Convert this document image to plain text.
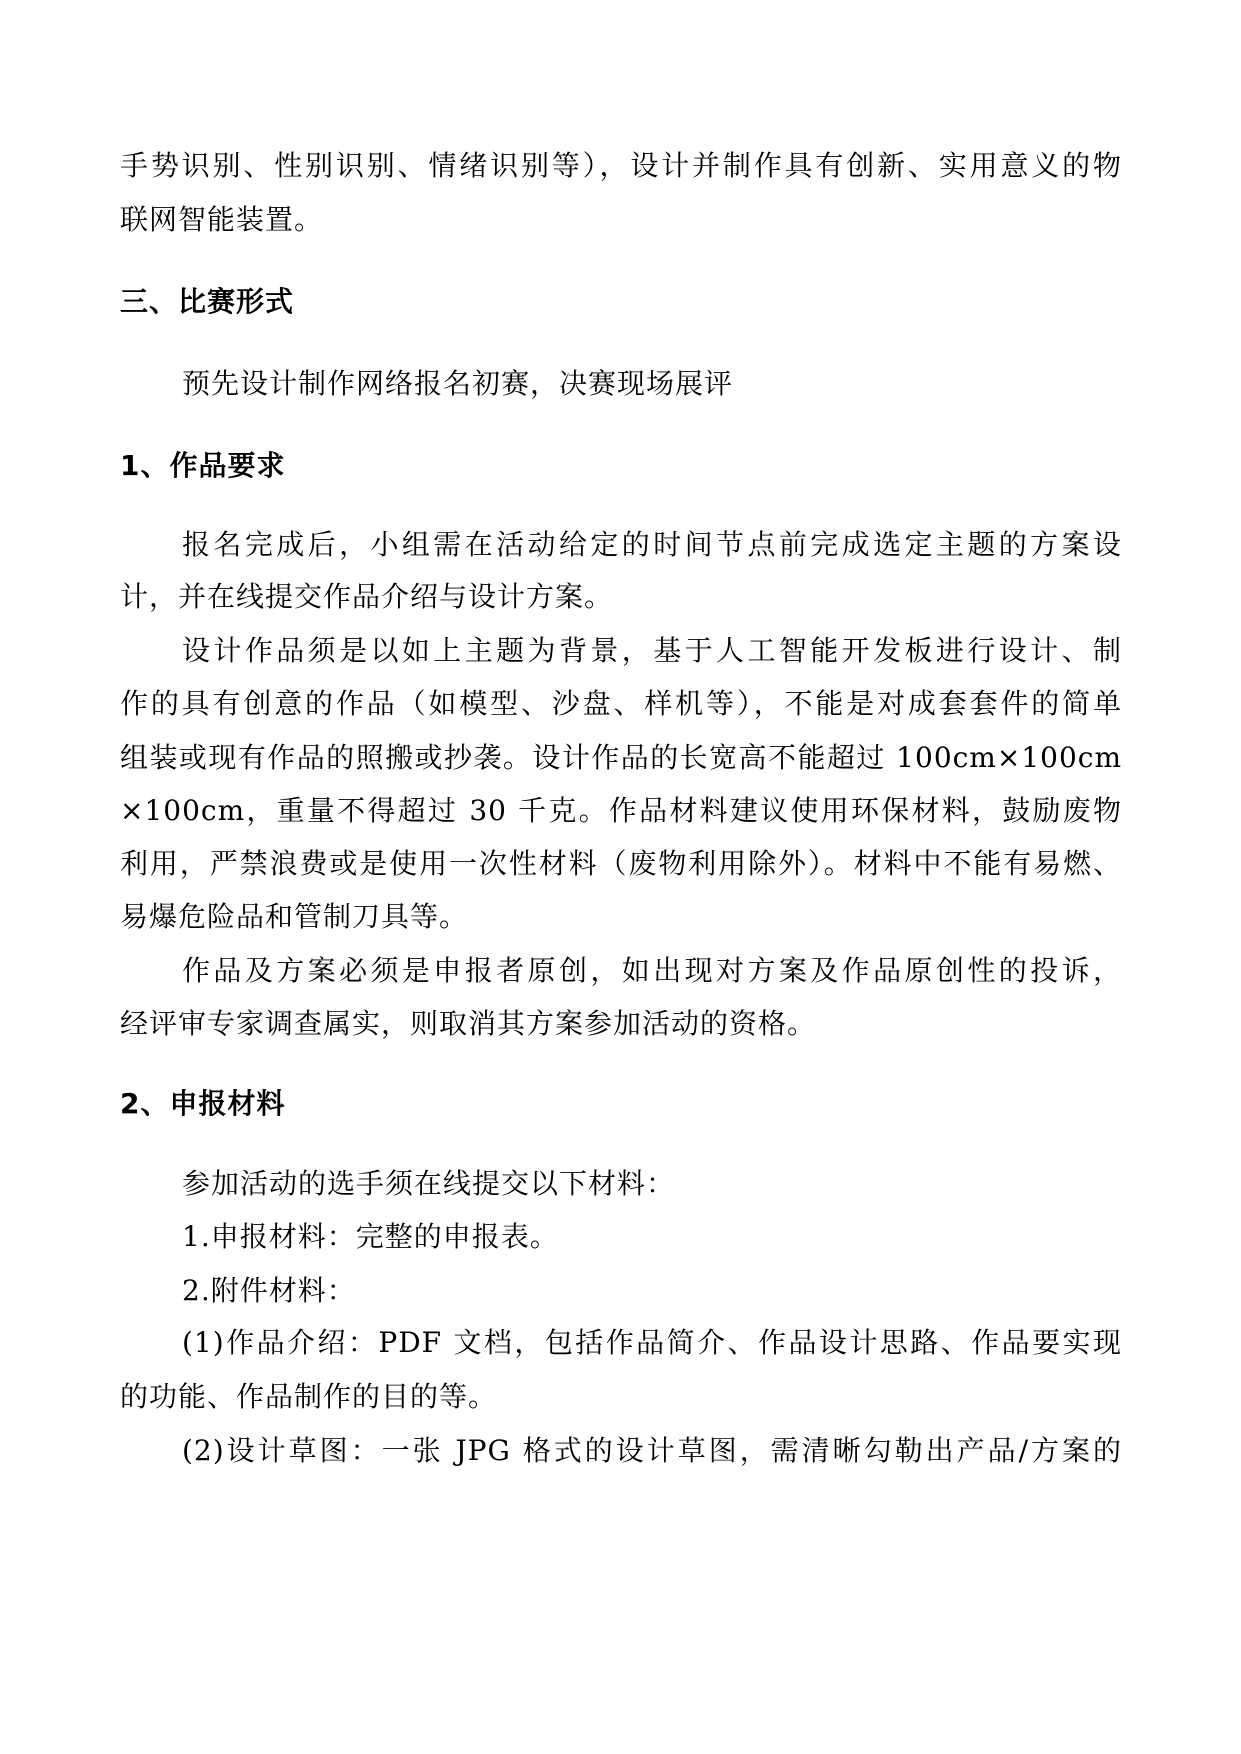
手势识别、性别识别、情绪识别等），设计并制作具有创新、实用意义的物
联网智能装置。
三、比赛形式
预先设计制作网络报名初赛，决赛现场展评
1、作品要求
报名完成后，小组需在活动给定的时间节点前完成选定主题的方案设
计，并在线提交作品介绍与设计方案。
设计作品须是以如上主题为背景，基于人工智能开发板进行设计、制
作的具有创意的作品（如模型、沙盘、样机等），不能是对成套套件的简单
组装或现有作品的照搬或抄袭。设计作品的长宽高不能超过 100cm×100cm
×100cm，重量不得超过 30 千克。作品材料建议使用环保材料，鼓励废物
利用，严禁浪费或是使用一次性材料（废物利用除外）。材料中不能有易燃、
易爆危险品和管制刀具等。
作品及方案必须是申报者原创，如出现对方案及作品原创性的投诉，
经评审专家调查属实，则取消其方案参加活动的资格。
2、申报材料
参加活动的选手须在线提交以下材料：
1.申报材料：完整的申报表。
2.附件材料：
(1)作品介绍：PDF 文档，包括作品简介、作品设计思路、作品要实现
的功能、作品制作的目的等。
(2)设计草图：一张 JPG 格式的设计草图，需清晰勾勒出产品/方案的
